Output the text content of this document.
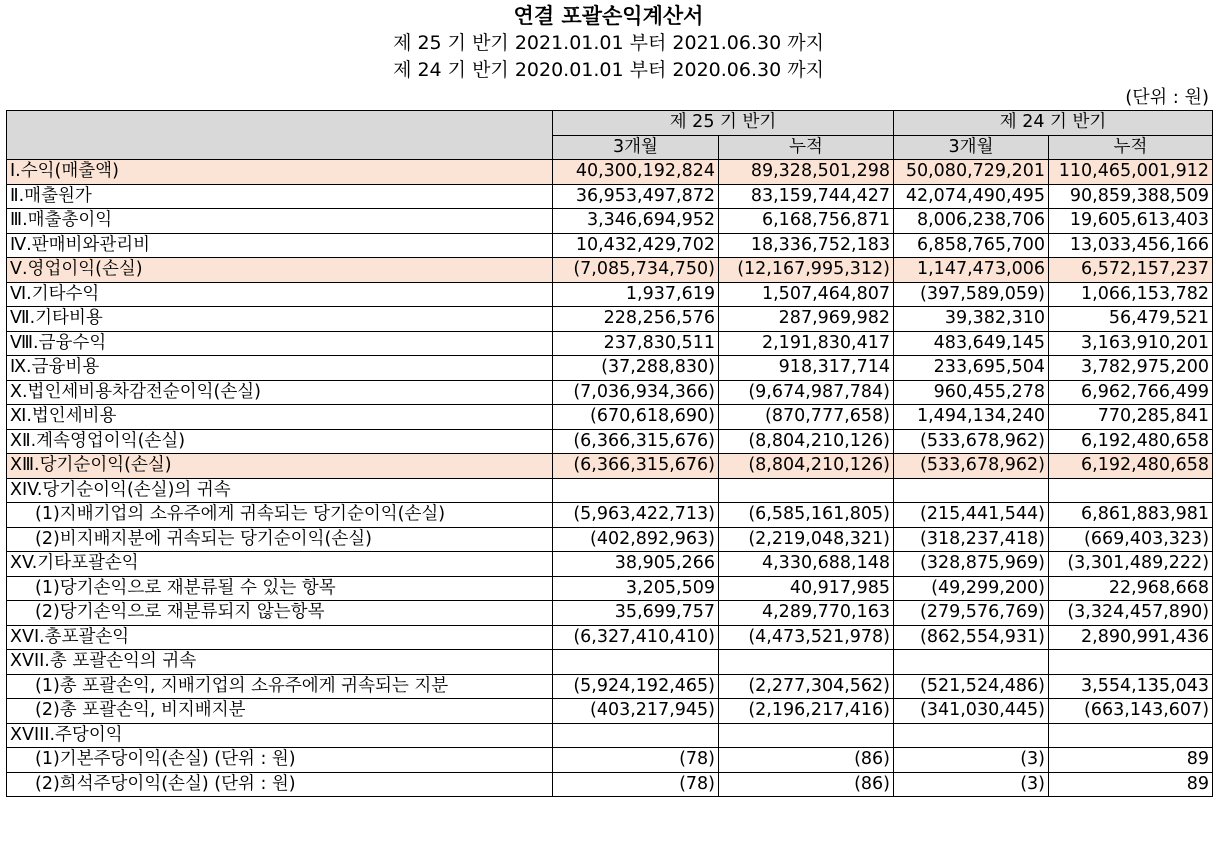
연결 포괄손익계산서
제 25 기 반기 2021.01.01 부터 2021.06.30 까지
제 24 기 반기 2020.01.01 부터 2020.06.30 까지
(단위 : 원)
	제 25 기 반기		제 24 기 반기	
	3개월	누적	3개월	누적
Ⅰ.수익(매출액)	40,300,192,824	89,328,501,298	50,080,729,201	110,465,001,912
Ⅱ.매출원가	36,953,497,872	83,159,744,427	42,074,490,495	90,859,388,509
Ⅲ.매출총이익	3,346,694,952	6,168,756,871	8,006,238,706	19,605,613,403
Ⅳ.판매비와관리비	10,432,429,702	18,336,752,183	6,858,765,700	13,033,456,166
Ⅴ.영업이익(손실)	(7,085,734,750)	(12,167,995,312)	1,147,473,006	6,572,157,237
Ⅵ.기타수익	1,937,619	1,507,464,807	(397,589,059)	1,066,153,782
Ⅶ.기타비용	228,256,576	287,969,982	39,382,310	56,479,521
Ⅷ.금융수익	237,830,511	2,191,830,417	483,649,145	3,163,910,201
Ⅸ.금융비용	(37,288,830)	918,317,714	233,695,504	3,782,975,200
Ⅹ.법인세비용차감전순이익(손실)	(7,036,934,366)	(9,674,987,784)	960,455,278	6,962,766,499
Ⅺ.법인세비용	(670,618,690)	(870,777,658)	1,494,134,240	770,285,841
ⅩⅡ.계속영업이익(손실)	(6,366,315,676)	(8,804,210,126)	(533,678,962)	6,192,480,658
ⅩⅢ.당기순이익(손실)	(6,366,315,676)	(8,804,210,126)	(533,678,962)	6,192,480,658
XIV.당기순이익(손실)의 귀속				
(1)지배기업의 소유주에게 귀속되는 당기순이익(손실)	(5,963,422,713)	(6,585,161,805)	(215,441,544)	6,861,883,981
(2)비지배지분에 귀속되는 당기순이익(손실)	(402,892,963)	(2,219,048,321)	(318,237,418)	(669,403,323)
XV.기타포괄손익	38,905,266	4,330,688,148	(328,875,969)	(3,301,489,222)
(1)당기손익으로 재분류될 수 있는 항목	3,205,509	40,917,985	(49,299,200)	22,968,668
(2)당기손익으로 재분류되지 않는항목	35,699,757	4,289,770,163	(279,576,769)	(3,324,457,890)
XVI.총포괄손익	(6,327,410,410)	(4,473,521,978)	(862,554,931)	2,890,991,436
XVII.총 포괄손익의 귀속				
(1)총 포괄손익, 지배기업의 소유주에게 귀속되는 지분	(5,924,192,465)	(2,277,304,562)	(521,524,486)	3,554,135,043
(2)총 포괄손익, 비지배지분	(403,217,945)	(2,196,217,416)	(341,030,445)	(663,143,607)
XVIII.주당이익				
(1)기본주당이익(손실) (단위 : 원)	(78)	(86)	(3)	89
(2)희석주당이익(손실) (단위 : 원)	(78)	(86)	(3)	89
